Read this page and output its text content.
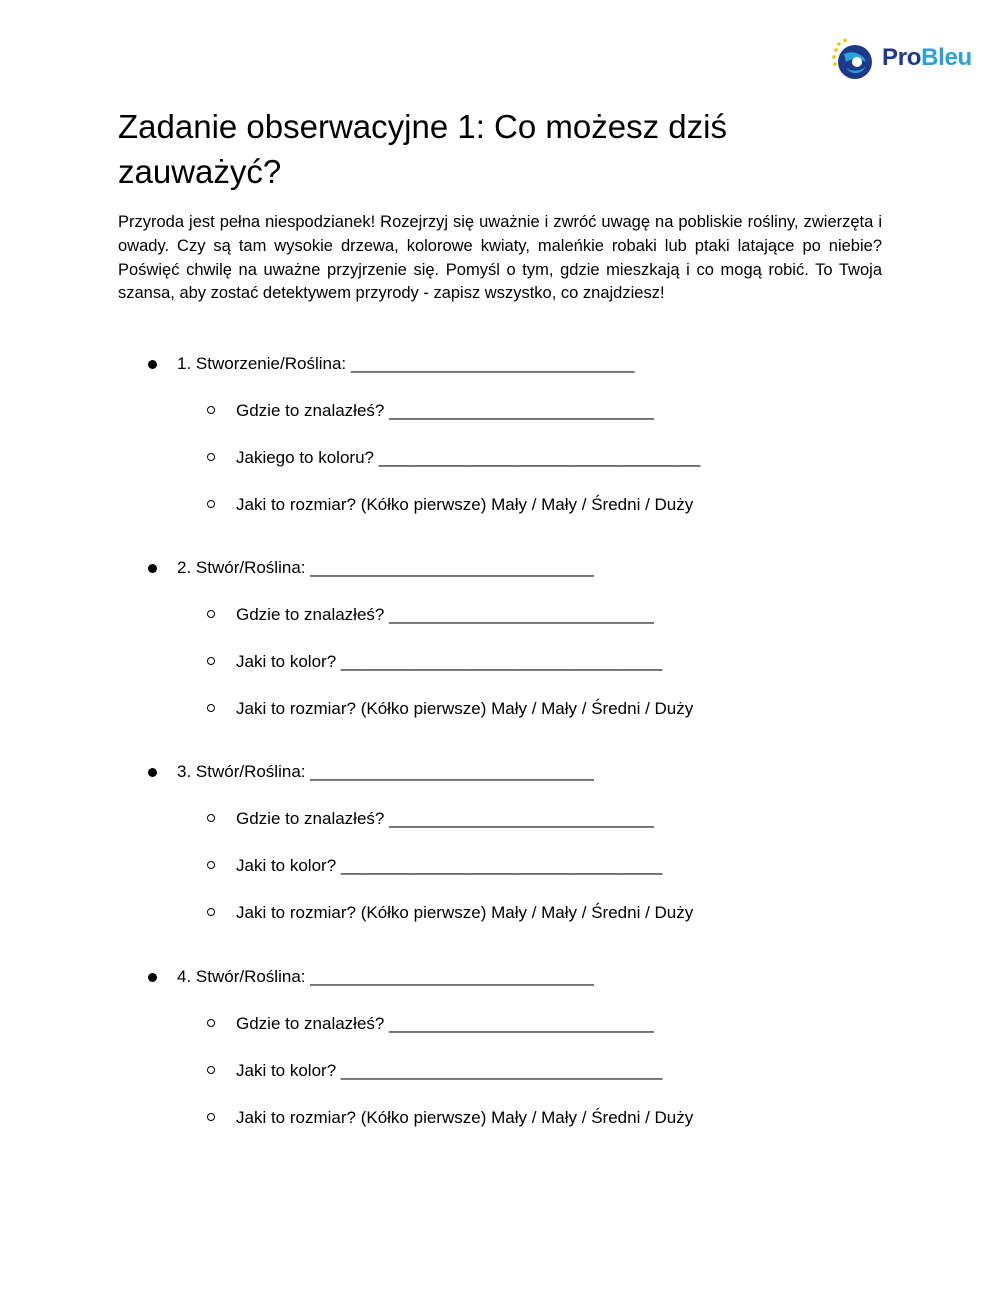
ProBleu
Zadanie obserwacyjne 1: Co możesz dziś zauważyć?

Przyroda jest pełna niespodzianek! Rozejrzyj się uważnie i zwróć uwagę na pobliskie rośliny, zwierzęta i owady. Czy są tam wysokie drzewa, kolorowe kwiaty, maleńkie robaki lub ptaki latające po niebie? Poświęć chwilę na uważne przyjrzenie się. Pomyśl o tym, gdzie mieszkają i co mogą robić. To Twoja szansa, aby zostać detektywem przyrody - zapisz wszystko, co znajdziesz!

1. Stworzenie/Roślina: ______________________________
Gdzie to znalazłeś? ____________________________
Jakiego to koloru? __________________________________
Jaki to rozmiar? (Kółko pierwsze) Mały / Mały / Średni / Duży
2. Stwór/Roślina: ______________________________
Gdzie to znalazłeś? ____________________________
Jaki to kolor? __________________________________
Jaki to rozmiar? (Kółko pierwsze) Mały / Mały / Średni / Duży
3. Stwór/Roślina: ______________________________
Gdzie to znalazłeś? ____________________________
Jaki to kolor? __________________________________
Jaki to rozmiar? (Kółko pierwsze) Mały / Mały / Średni / Duży
4. Stwór/Roślina: ______________________________
Gdzie to znalazłeś? ____________________________
Jaki to kolor? __________________________________
Jaki to rozmiar? (Kółko pierwsze) Mały / Mały / Średni / Duży
